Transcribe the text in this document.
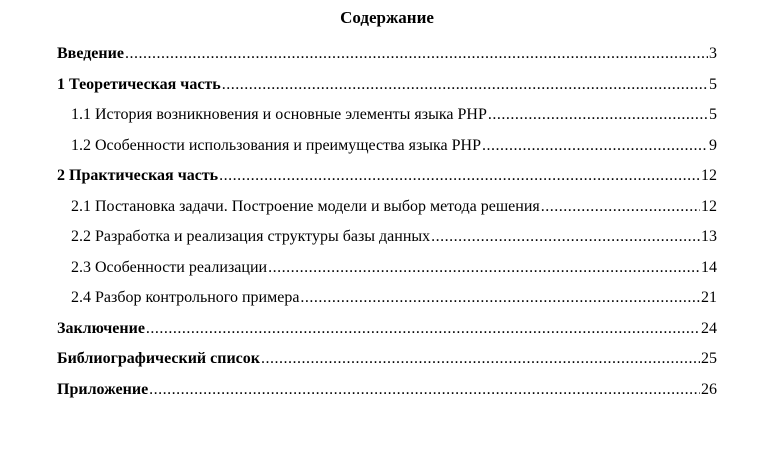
Содержание
Введение .....	3
1 Теоретическая часть .....	5
1.1 История возникновения и основные элементы языка PHP .....	5
1.2 Особенности использования и преимущества языка PHP .....	9
2 Практическая часть .....	12
2.1 Постановка задачи. Построение модели и выбор метода решения .....	12
2.2 Разработка и реализация структуры базы данных .....	13
2.3 Особенности реализации .....	14
2.4 Разбор контрольного примера .....	21
Заключение .....	24
Библиографический список .....	25
Приложение .....	26
